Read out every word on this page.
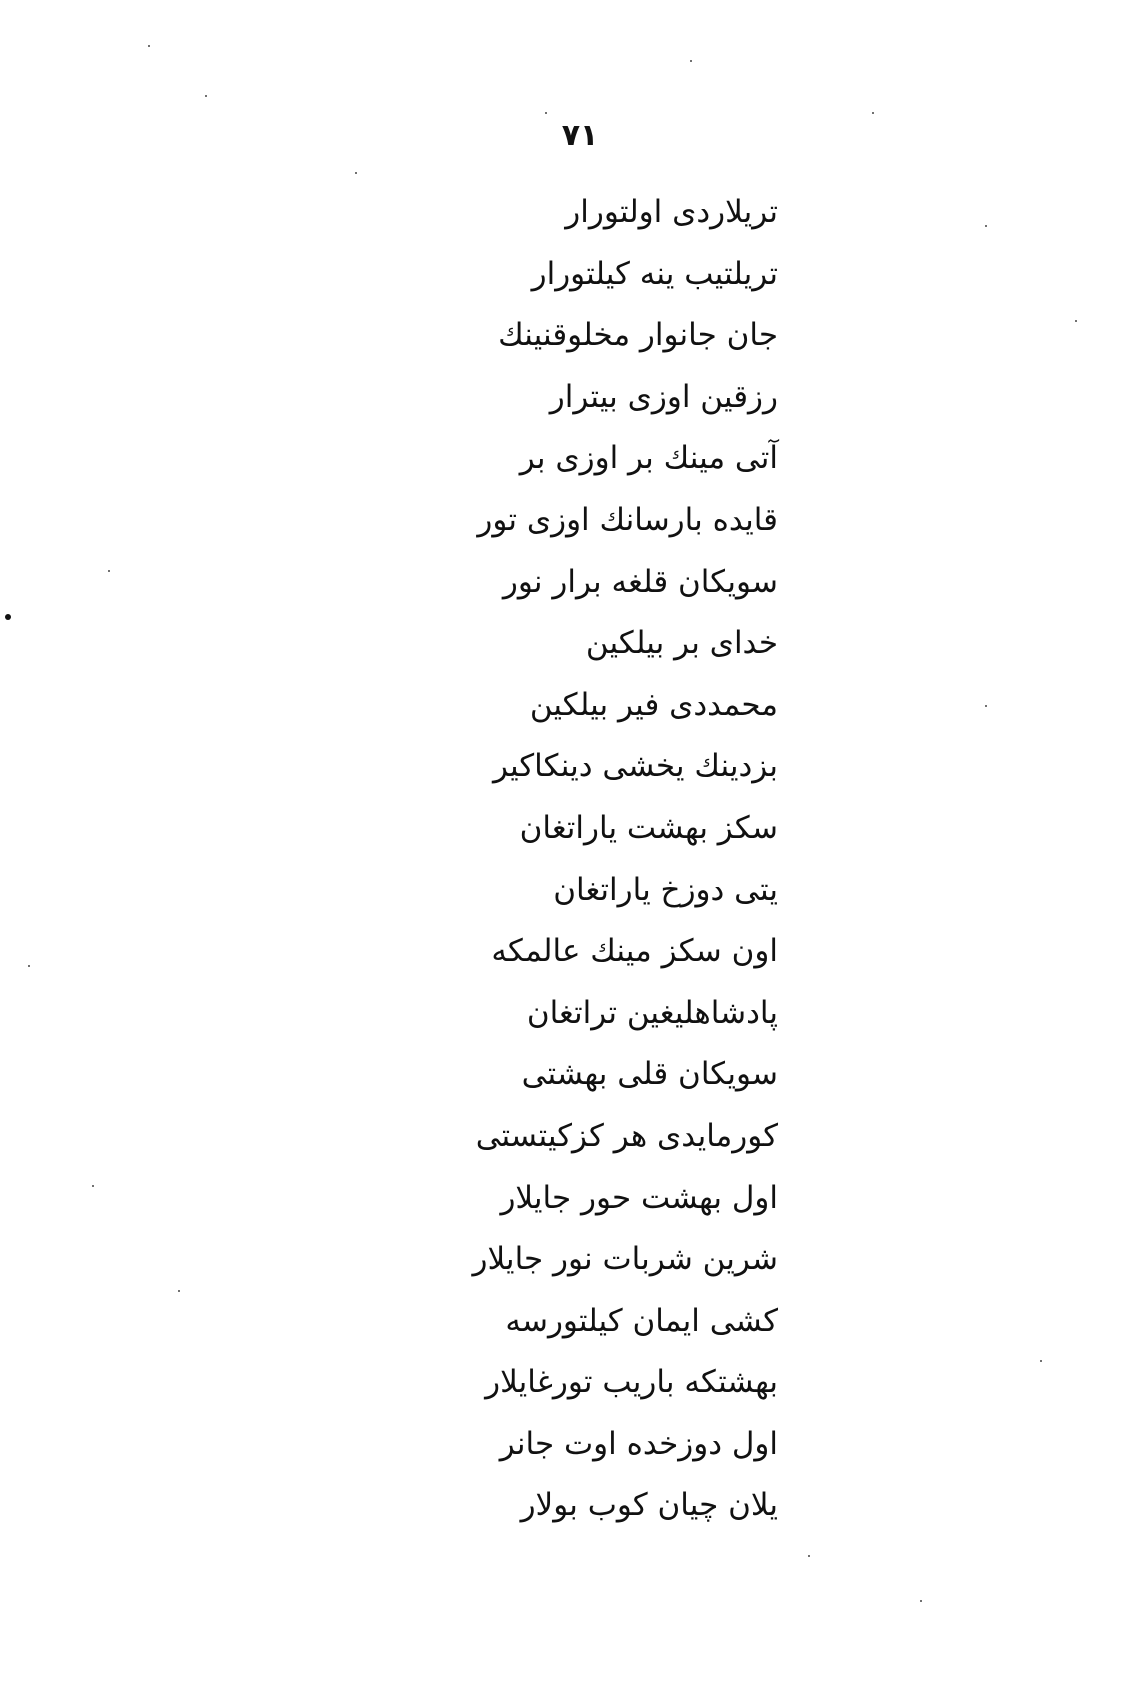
۷۱
تریلاردی اولتورار
تریلتیب ینه کیلتورار
جان جانوار مخلوقنینك
رزقین اوزی بیترار
آتی مینك بر اوزی بر
قایده بارسانك اوزی تور
سویکان قلغه برار نور
خدای بر بیلکین
محمددی فیر بیلکین
بزدینك یخشی دینکاکیر
سکز بهشت یاراتغان
یتی دوزخ یاراتغان
اون سکز مینك عالمکه
پادشاهلیغین تراتغان
سویکان قلی بهشتی
کورمایدی هر کزکیتستی
اول بهشت حور جایلار
شرین شربات نور جایلار
کشی ایمان کیلتورسه
بهشتکه باریب تورغایلار
اول دوزخده اوت جانر
یلان چیان کوب بولار
